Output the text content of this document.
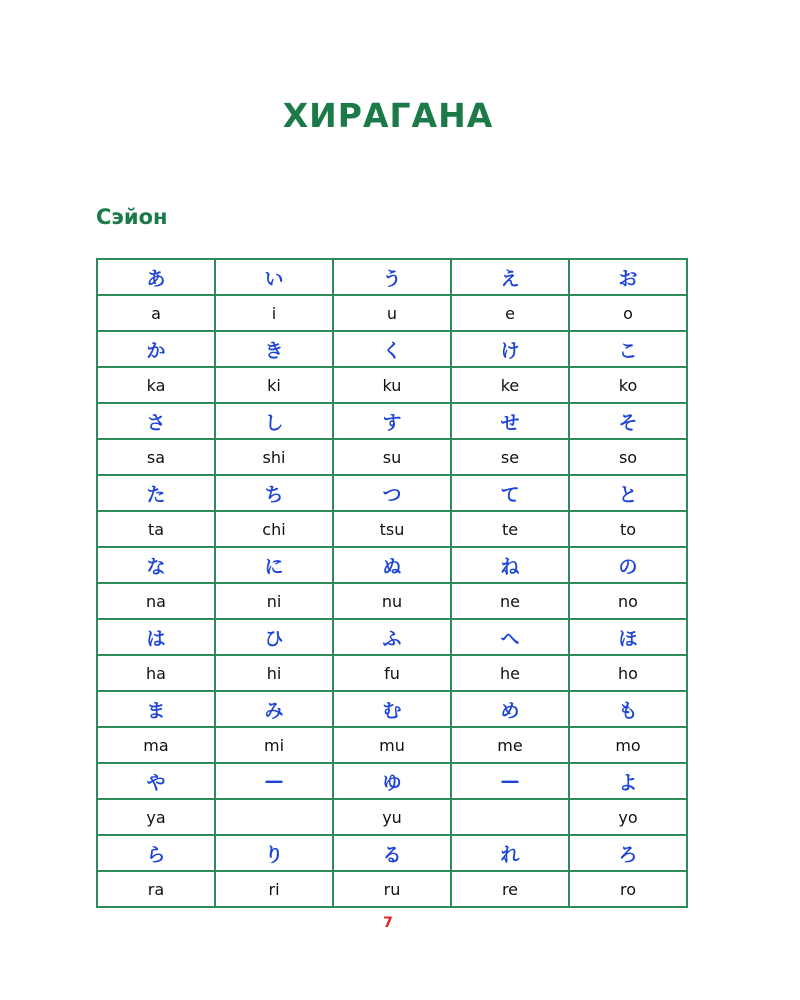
ХИРАГАНА
Сэйон
あ	い	う	え	お
a	i	u	e	o
か	き	く	け	こ
ka	ki	ku	ke	ko
さ	し	す	せ	そ
sa	shi	su	se	so
た	ち	つ	て	と
ta	chi	tsu	te	to
な	に	ぬ	ね	の
na	ni	nu	ne	no
は	ひ	ふ	へ	ほ
ha	hi	fu	he	ho
ま	み	む	め	も
ma	mi	mu	me	mo
や	—	ゆ	—	よ
ya		yu		yo
ら	り	る	れ	ろ
ra	ri	ru	re	ro
7
